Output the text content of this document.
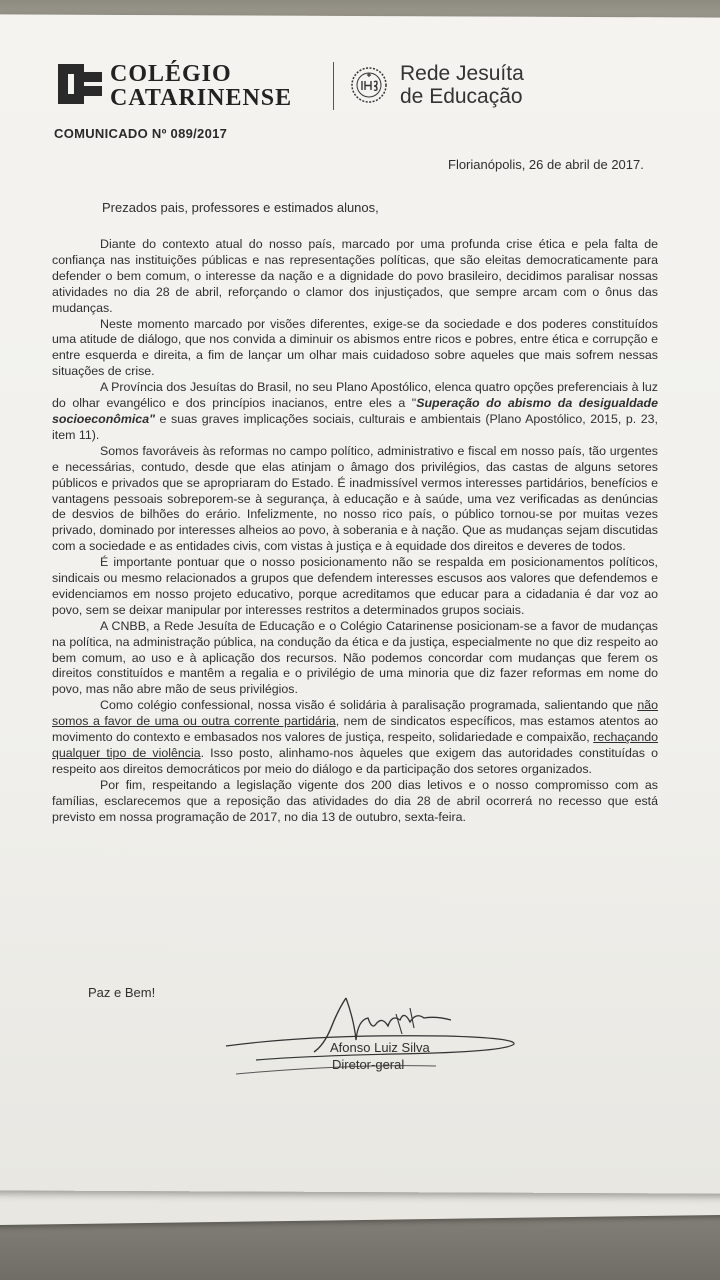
COLÉGIO
CATARINENSE
Rede Jesuíta
de Educação
COMUNICADO Nº 089/2017
Florianópolis, 26 de abril de 2017.
Prezados pais, professores e estimados alunos,

Diante do contexto atual do nosso país, marcado por uma profunda crise ética e pela falta de confiança nas instituições públicas e nas representações políticas, que são eleitas democraticamente para defender o bem comum, o interesse da nação e a dignidade do povo brasileiro, decidimos paralisar nossas atividades no dia 28 de abril, reforçando o clamor dos injustiçados, que sempre arcam com o ônus das mudanças.

Neste momento marcado por visões diferentes, exige-se da sociedade e dos poderes constituídos uma atitude de diálogo, que nos convida a diminuir os abismos entre ricos e pobres, entre ética e corrupção e entre esquerda e direita, a fim de lançar um olhar mais cuidadoso sobre aqueles que mais sofrem nessas situações de crise.

A Província dos Jesuítas do Brasil, no seu Plano Apostólico, elenca quatro opções preferenciais à luz do olhar evangélico e dos princípios inacianos, entre eles a "Superação do abismo da desigualdade socioeconômica" e suas graves implicações sociais, culturais e ambientais (Plano Apostólico, 2015, p. 23, item 11).

Somos favoráveis às reformas no campo político, administrativo e fiscal em nosso país, tão urgentes e necessárias, contudo, desde que elas atinjam o âmago dos privilégios, das castas de alguns setores públicos e privados que se apropriaram do Estado. É inadmissível vermos interesses partidários, benefícios e vantagens pessoais sobreporem-se à segurança, à educação e à saúde, uma vez verificadas as denúncias de desvios de bilhões do erário. Infelizmente, no nosso rico país, o público tornou-se por muitas vezes privado, dominado por interesses alheios ao povo, à soberania e à nação. Que as mudanças sejam discutidas com a sociedade e as entidades civis, com vistas à justiça e à equidade dos direitos e deveres de todos.

É importante pontuar que o nosso posicionamento não se respalda em posicionamentos políticos, sindicais ou mesmo relacionados a grupos que defendem interesses escusos aos valores que defendemos e evidenciamos em nosso projeto educativo, porque acreditamos que educar para a cidadania é dar voz ao povo, sem se deixar manipular por interesses restritos a determinados grupos sociais.

A CNBB, a Rede Jesuíta de Educação e o Colégio Catarinense posicionam-se a favor de mudanças na política, na administração pública, na condução da ética e da justiça, especialmente no que diz respeito ao bem comum, ao uso e à aplicação dos recursos. Não podemos concordar com mudanças que ferem os direitos constituídos e mantêm a regalia e o privilégio de uma minoria que diz fazer reformas em nome do povo, mas não abre mão de seus privilégios.

Como colégio confessional, nossa visão é solidária à paralisação programada, salientando que não somos a favor de uma ou outra corrente partidária, nem de sindicatos específicos, mas estamos atentos ao movimento do contexto e embasados nos valores de justiça, respeito, solidariedade e compaixão, rechaçando qualquer tipo de violência. Isso posto, alinhamo-nos àqueles que exigem das autoridades constituídas o respeito aos direitos democráticos por meio do diálogo e da participação dos setores organizados.

Por fim, respeitando a legislação vigente dos 200 dias letivos e o nosso compromisso com as famílias, esclarecemos que a reposição das atividades do dia 28 de abril ocorrerá no recesso que está previsto em nossa programação de 2017, no dia 13 de outubro, sexta-feira.

Paz e Bem!
Afonso Luiz Silva
Diretor-geral
